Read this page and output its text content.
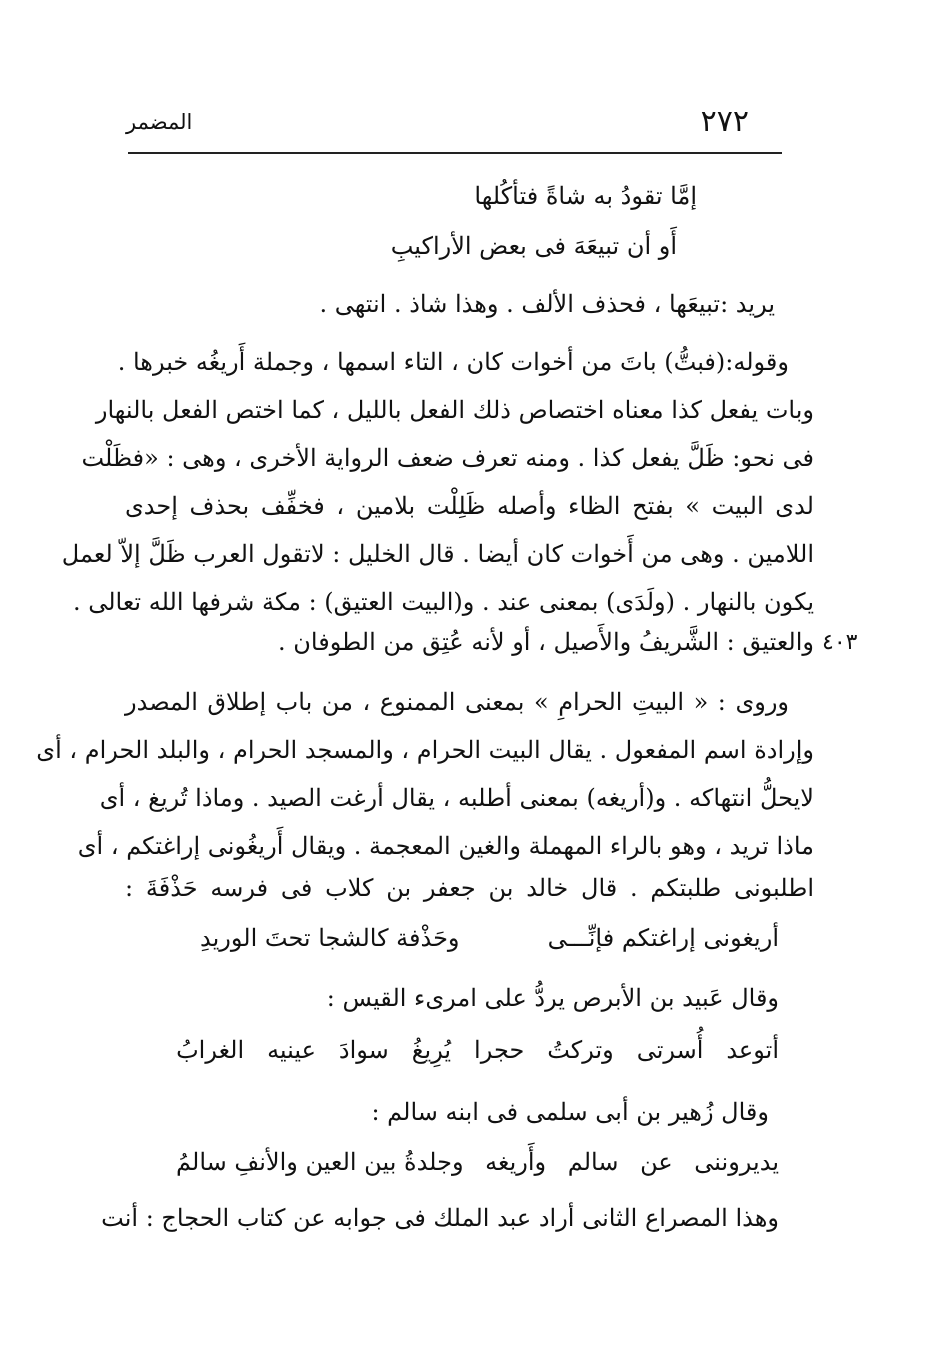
٢٧٢
المضمر
إمَّا تقودُ به شاةً فتأكُلها
أَو أن تبيعَهَ فى بعض الأراكيبِ
يريد :تبيعَها ، فحذف الألف . وهذا شاذ . انتهى .
وقوله:(فبتُّ) باتَ من أخوات كان ، التاء اسمها ، وجملة أَريغُه خبرها .
وبات يفعل كذا معناه اختصاص ذلك الفعل بالليل ، كما اختص الفعل بالنهار
فى نحو: ظَلَّ يفعل كذا . ومنه تعرف ضعف الرواية الأخرى ، وهى : «فظَلْت
لدى البيت » بفتح الظاء وأصله ظَلِلْت بلامين ، فخفِّف بحذف إحدى
اللامين . وهى من أَخوات كان أيضا . قال الخليل : لاتقول العرب ظَلَّ إلاّ لعمل
يكون بالنهار . (ولَدَى) بمعنى عند . و(البيت العتيق) : مكة شرفها الله تعالى .
والعتيق : الشَّريفُ والأَصيل ، أو لأنه عُتِق من الطوفان . ٤٠٣
وروى : « البيتِ الحرامِ » بمعنى الممنوع ، من باب إطلاق المصدر
وإرادة اسم المفعول . يقال البيت الحرام ، والمسجد الحرام ، والبلد الحرام ، أى
لايحلُّ انتهاكه . و(أريغه) بمعنى أطلبه ، يقال أرغت الصيد . وماذا تُريغ ، أى
ماذا تريد ، وهو بالراء المهملة والغين المعجمة . ويقال أَريغُونى إراغتكم ، أى
اطلبونى طلبتكم . قال خالد بن جعفر بن كلاب فى فرسه حَذْفَةَ :
أريغونى إراغتكم فإنِّـــى
وحَذْفة كالشجا تحتَ الوريدِ
وقال عَبيد بن الأبرص يردُّ على امرىء القيس :
أتوعد
أُسرتى
وتركتُ
حجرا
يُرِيغُ
سوادَ
عينيه
الغرابُ
وقال زُهير بن أبى سلمى فى ابنه سالم :
يديروننى
عن
سالم
وأَريغه
وجلدةُ بين العين والأنفِ سالمُ
وهذا المصراع الثانى أراد عبد الملك فى جوابه عن كتاب الحجاج : أنت
